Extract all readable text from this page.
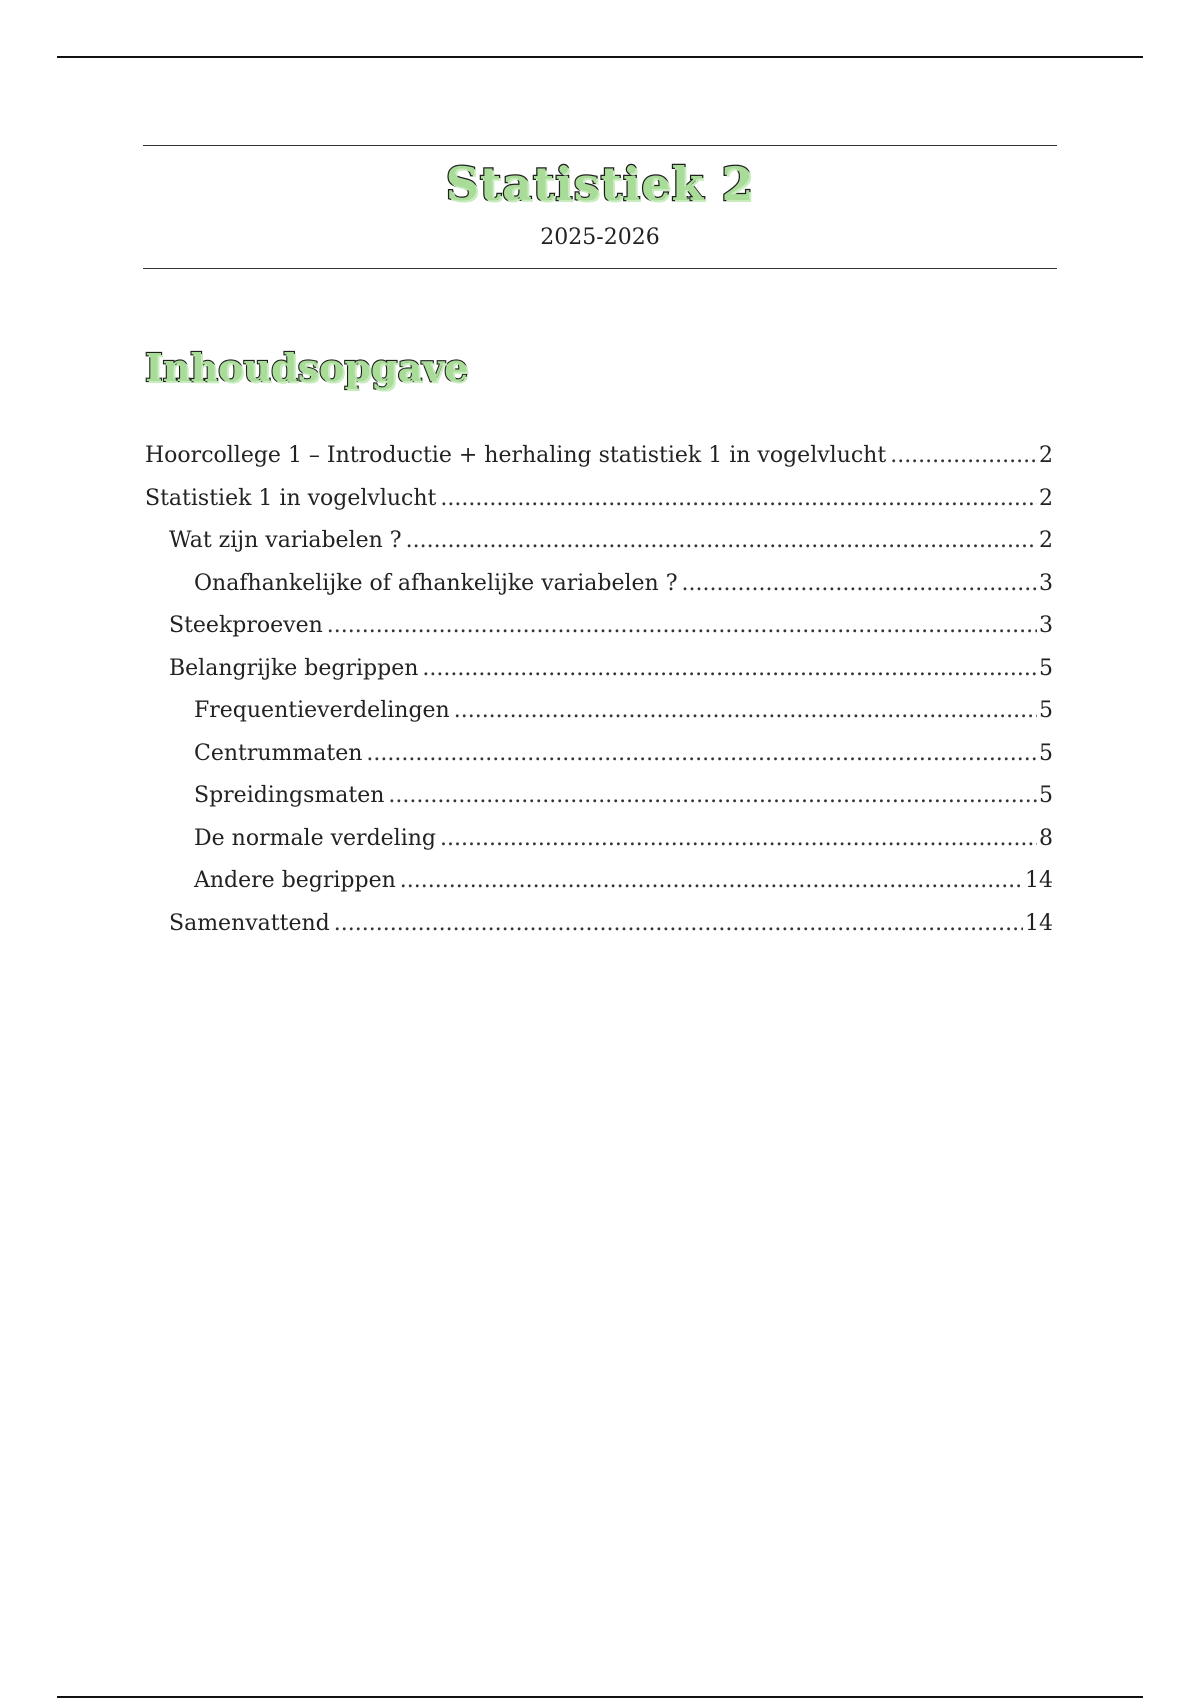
Statistiek 2
2025-2026
Inhoudsopgave
Hoorcollege 1 – Introductie + herhaling statistiek 1 in vogelvlucht .....	2
Statistiek 1 in vogelvlucht .....	2
Wat zijn variabelen ? .....	2
Onafhankelijke of afhankelijke variabelen ? .....	3
Steekproeven .....	3
Belangrijke begrippen .....	5
Frequentieverdelingen .....	5
Centrummaten .....	5
Spreidingsmaten .....	5
De normale verdeling .....	8
Andere begrippen .....	14
Samenvattend .....	14
